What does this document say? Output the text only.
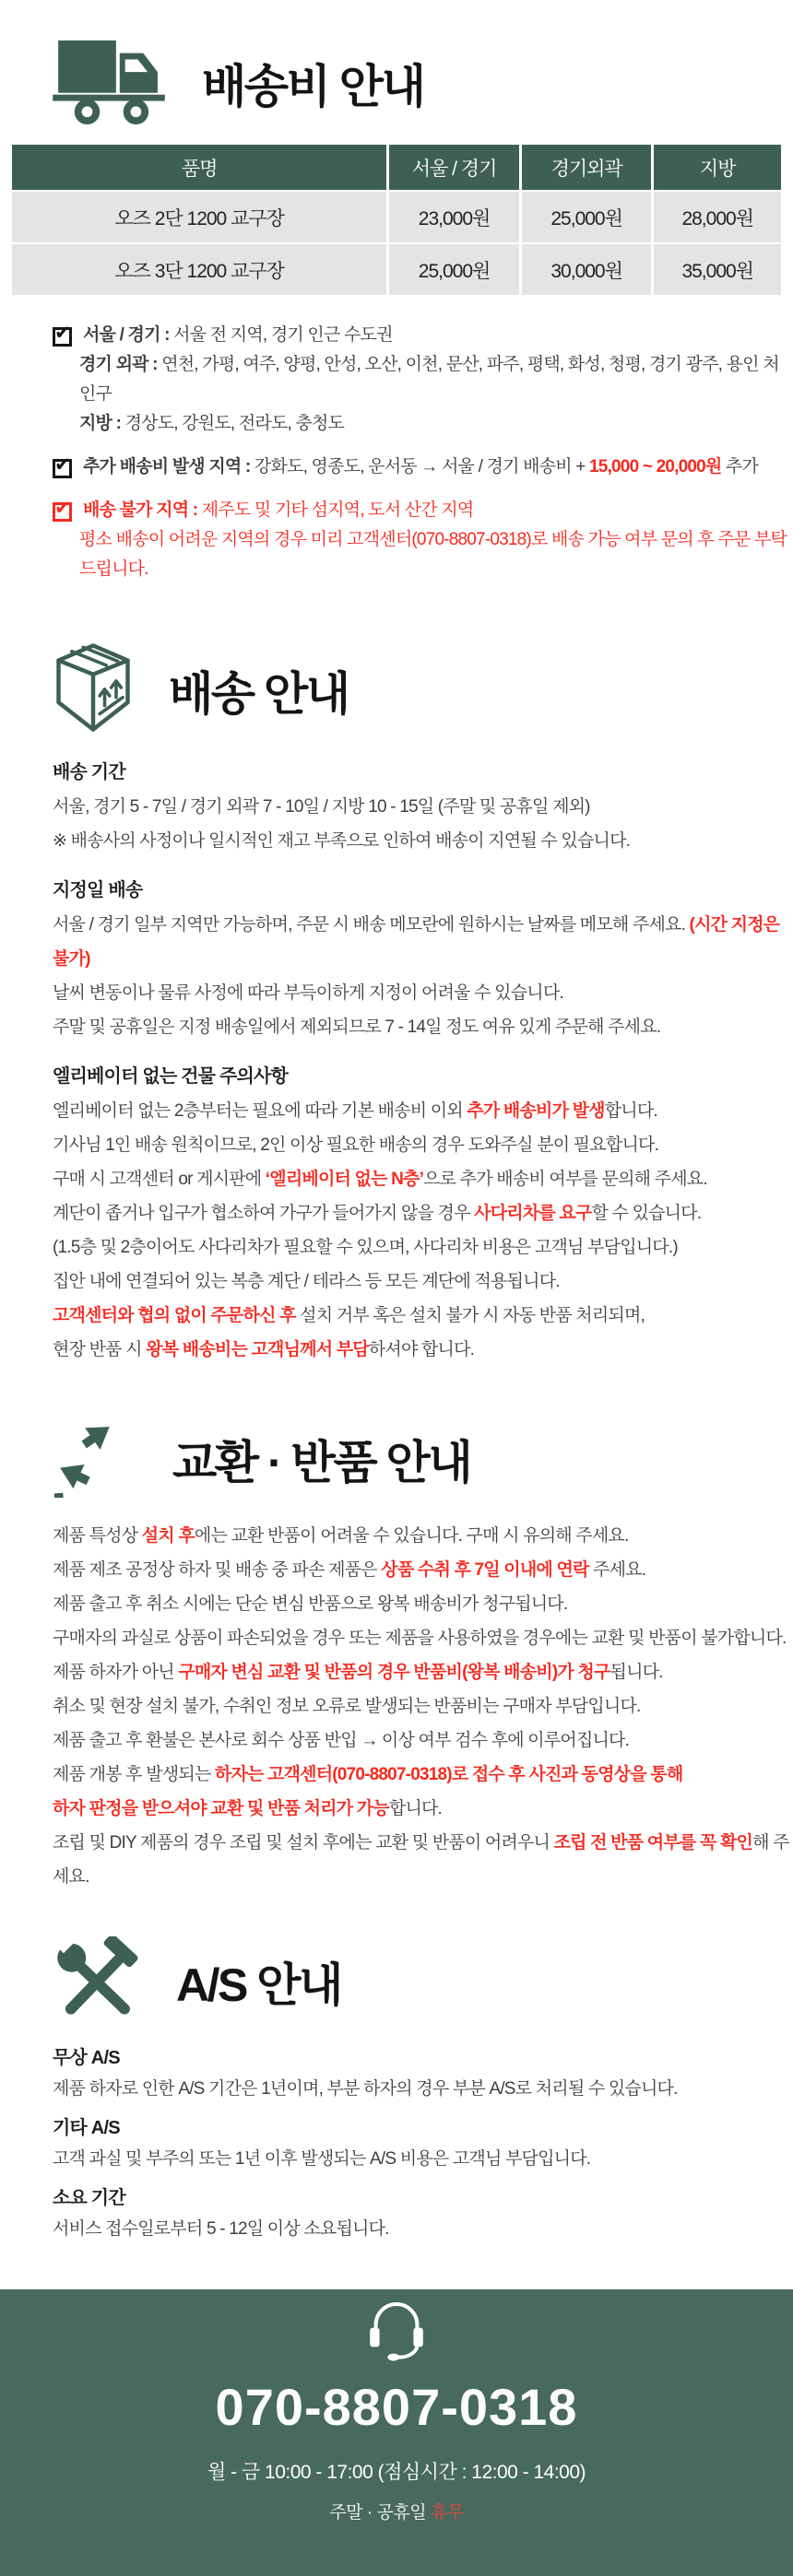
배송비 안내
품명	서울 / 경기	경기외곽	지방
오즈 2단 1200 교구장	23,000원	25,000원	28,000원
오즈 3단 1200 교구장	25,000원	30,000원	35,000원
✔
서울 / 경기 : 서울 전 지역, 경기 인근 수도권
경기 외곽 : 연천, 가평, 여주, 양평, 안성, 오산, 이천, 문산, 파주, 평택, 화성, 청평, 경기 광주, 용인 처인구
지방 : 경상도, 강원도, 전라도, 충청도
✔
추가 배송비 발생 지역 : 강화도, 영종도, 운서동 → 서울 / 경기 배송비 + 15,000 ~ 20,000원 추가
✔
배송 불가 지역 : 제주도 및 기타 섬지역, 도서 산간 지역
평소 배송이 어려운 지역의 경우 미리 고객센터(070-8807-0318)로 배송 가능 여부 문의 후 주문 부탁드립니다.
배송 안내
배송 기간
서울, 경기 5 - 7일 / 경기 외곽 7 - 10일 / 지방 10 - 15일 (주말 및 공휴일 제외)
※ 배송사의 사정이나 일시적인 재고 부족으로 인하여 배송이 지연될 수 있습니다.
지정일 배송
서울 / 경기 일부 지역만 가능하며, 주문 시 배송 메모란에 원하시는 날짜를 메모해 주세요. (시간 지정은 불가)
날씨 변동이나 물류 사정에 따라 부득이하게 지정이 어려울 수 있습니다.
주말 및 공휴일은 지정 배송일에서 제외되므로 7 - 14일 정도 여유 있게 주문해 주세요.
엘리베이터 없는 건물 주의사항
엘리베이터 없는 2층부터는 필요에 따라 기본 배송비 이외 추가 배송비가 발생합니다.
기사님 1인 배송 원칙이므로, 2인 이상 필요한 배송의 경우 도와주실 분이 필요합니다.
구매 시 고객센터 or 게시판에 ‘엘리베이터 없는 N층’으로 추가 배송비 여부를 문의해 주세요.
계단이 좁거나 입구가 협소하여 가구가 들어가지 않을 경우 사다리차를 요구할 수 있습니다.
(1.5층 및 2층이어도 사다리차가 필요할 수 있으며, 사다리차 비용은 고객님 부담입니다.)
집안 내에 연결되어 있는 복층 계단 / 테라스 등 모든 계단에 적용됩니다.
고객센터와 협의 없이 주문하신 후 설치 거부 혹은 설치 불가 시 자동 반품 처리되며,
현장 반품 시 왕복 배송비는 고객님께서 부담하셔야 합니다.
교환 · 반품 안내
제품 특성상 설치 후에는 교환 반품이 어려울 수 있습니다. 구매 시 유의해 주세요.
제품 제조 공정상 하자 및 배송 중 파손 제품은 상품 수취 후 7일 이내에 연락 주세요.
제품 출고 후 취소 시에는 단순 변심 반품으로 왕복 배송비가 청구됩니다.
구매자의 과실로 상품이 파손되었을 경우 또는 제품을 사용하였을 경우에는 교환 및 반품이 불가합니다.
제품 하자가 아닌 구매자 변심 교환 및 반품의 경우 반품비(왕복 배송비)가 청구됩니다.
취소 및 현장 설치 불가, 수취인 정보 오류로 발생되는 반품비는 구매자 부담입니다.
제품 출고 후 환불은 본사로 회수 상품 반입 → 이상 여부 검수 후에 이루어집니다.
제품 개봉 후 발생되는 하자는 고객센터(070-8807-0318)로 접수 후 사진과 동영상을 통해
하자 판정을 받으셔야 교환 및 반품 처리가 가능합니다.
조립 및 DIY 제품의 경우 조립 및 설치 후에는 교환 및 반품이 어려우니 조립 전 반품 여부를 꼭 확인해 주세요.
A/S 안내
무상 A/S
제품 하자로 인한 A/S 기간은 1년이며, 부분 하자의 경우 부분 A/S로 처리될 수 있습니다.
기타 A/S
고객 과실 및 부주의 또는 1년 이후 발생되는 A/S 비용은 고객님 부담입니다.
소요 기간
서비스 접수일로부터 5 - 12일 이상 소요됩니다.
070-8807-0318
월 - 금 10:00 - 17:00 (점심시간 : 12:00 - 14:00)
주말 · 공휴일 휴무
